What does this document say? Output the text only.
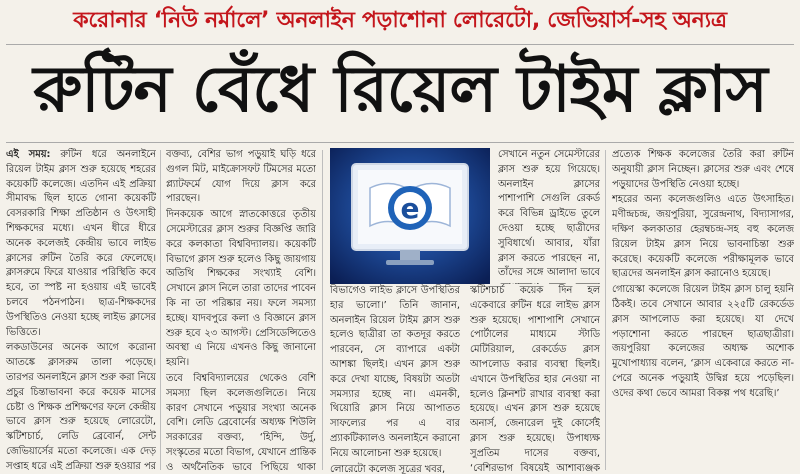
করোনার ‘নিউ নর্মালে’ অনলাইন পড়াশোনা লোরেটো, জেভিয়ার্স-সহ অন্যত্র
রুটিন বেঁধে রিয়েল টাইম ক্লাস

এই সময়: রুটিন ধরে অনলাইনে রিয়েল টাইম ক্লাস শুরু হয়েছে শহরের কয়েকটি কলেজে। এতদিন এই প্রক্রিয়া সীমাবদ্ধ ছিল হাতে গোনা কয়েকটি বেসরকারি শিক্ষা প্রতিষ্ঠান ও উৎসাহী শিক্ষকদের মধ্যে। এখন ধীরে ধীরে অনেক কলেজই কেন্দ্রীয় ভাবে লাইভ ক্লাসের রুটিন তৈরি করে ফেলেছে। ক্লাসরুমে ফিরে যাওয়ার পরিস্থিতি কবে হবে, তা স্পষ্ট না হওয়ায় এই ভাবেই চলবে পঠনপাঠন। ছাত্র-শিক্ষকদের উপস্থিতিও নেওয়া হচ্ছে লাইভ ক্লাসের ভিত্তিতে।

লকডাউনের অনেক আগে করোনা আতঙ্কে ক্লাসরুম তালা পড়েছে। তারপর অনলাইনে ক্লাস শুরু করা নিয়ে প্রচুর চিন্তাভাবনা করে কয়েক মাসের চেষ্টা ও শিক্ষক প্রশিক্ষণের ফলে কেন্দ্রীয় ভাবে ক্লাস শুরু হয়েছে লোরেটো, স্কটিশচার্চ, লেডি ব্রেবোর্ন, সেন্ট জেভিয়ার্সের মতো কলেজে। এক দেড় সপ্তাহ ধরে এই প্রক্রিয়া শুরু হওয়ার পর

বক্তব্য, বেশির ভাগ পড়ুয়াই ঘড়ি ধরে গুগল মিট, মাইক্রোসফট টিমসের মতো প্ল্যাটফর্মে যোগ দিয়ে ক্লাস করে পারছেন।

দিনকয়েক আগে স্নাতকোত্তরে তৃতীয় সেমেস্টারের ক্লাস শুরুর বিজ্ঞপ্তি জারি করে কলকাতা বিশ্ববিদ্যালয়। কয়েকটি বিভাগে ক্লাস শুরু হলেও কিছু জায়গায় অতিথি শিক্ষকের সংখ্যাই বেশি। সেখানে ক্লাস নিলে তারা তাদের পাবেন কি না তা পরিষ্কার নয়। ফলে সমস্যা হচ্ছে। যাদবপুরে কলা ও বিজ্ঞানে ক্লাস শুরু হবে ২৩ আগস্ট। প্রেসিডেন্সিতেও অবস্থা এ নিয়ে এখনও কিছু জানানো হয়নি।

তবে বিশ্ববিদ্যালয়ের থেকেও বেশি সমস্যা ছিল কলেজগুলিতে। নিয়ে কারণ সেখানে পড়ুয়ার সংখ্যা অনেক বেশি। লেডি ব্রেবোর্নের অধ্যক্ষ শিউলি সরকারের বক্তব্য, ‘হিন্দি, উর্দু, সংস্কৃতের মতো বিভাগ, যেখানে প্রান্তিক ও অর্থনৈতিক ভাবে পিছিয়ে থাকা

e

সেখানে নতুন সেমেস্টারের ক্লাস শুরু হয়ে গিয়েছে। অনলাইন ক্লাসের পাশাপাশি সেগুলি রেকর্ড করে বিভিন্ন ড্রাইভে তুলে দেওয়া হচ্ছে ছাত্রীদের সুবিধার্থে। আবার, যাঁরা ক্লাস করতে পারছেন না, তাঁদের সঙ্গে আলাদা ভাবে

বিভাগেও লাইভ ক্লাসে উপস্থিতির হার ভালো।’ তিনি জানান, অনলাইন রিয়েল টাইম ক্লাস শুরু হলেও ছাত্রীরা তা কতদূর করতে পারবেন, সে ব্যাপারে একটা আশঙ্কা ছিলই। এখন ক্লাস শুরু করে দেখা যাচ্ছে, বিষয়টা অতটা সমস্যার হচ্ছে না। এমনকী, থিয়োরি ক্লাস নিয়ে আপাতত সাফল্যের পর এ বার প্র্যাকটিক্যালও অনলাইনে করানো নিয়ে আলোচনা শুরু হয়েছে।

লোরেটো কলেজ সূত্রের খবর,

স্কটিশচার্চ কয়েক দিন হল একেবারে রুটিন ধরে লাইভ ক্লাস শুরু হয়েছে। পাশাপাশি সেখানে পোর্টালের মাধ্যমে স্টাডি মেটিরিয়াল, রেকর্ডেড ক্লাস আপলোড করার ব্যবস্থা ছিলই। এখানে উপস্থিতির হার নেওয়া না হলেও ক্লিনশট রাখার ব্যবস্থা করা হয়েছে। এখন ক্লাস শুরু হয়েছে অনার্স, জেনারেল দুই কোর্সেই ক্লাস শুরু হয়েছে। উপাধ্যক্ষ সুপ্রতিম দাসের বক্তব্য, ‘বেশিরভাগ বিষয়েই আশাব্যঞ্জক

প্রত্যেক শিক্ষক কলেজের তৈরি করা রুটিন অনুযায়ী ক্লাস নিচ্ছেন। ক্লাসের শুরু এবং শেষে পড়ুয়াদের উপস্থিতি নেওয়া হচ্ছে।

শহরের অন্য কলেজগুলিও এতে উৎসাহিত। মণীন্দ্রচন্দ্র, জয়পুরিয়া, সুরেন্দ্রনাথ, বিদ্যাসাগর, দক্ষিণ কলকাতার হেরম্বচন্দ্র-সহ বহু কলেজ রিয়েল টাইম ক্লাস নিয়ে ভাবনাচিন্তা শুরু করেছে। কয়েকটি কলেজে পরীক্ষামূলক ভাবে ছাত্রদের অনলাইন ক্লাস করানোও হয়েছে।

গোয়েস্কা কলেজে রিয়েল টাইম ক্লাস চালু হয়নি ঠিকই। তবে সেখানে আবার ২২৫টি রেকর্ডেড ক্লাস আপলোড করা হয়েছে। যা দেখে পড়াশোনা করতে পারছেন ছাত্রছাত্রীরা। জয়পুরিয়া কলেজের অধ্যক্ষ অশোক মুখোপাধ্যায় বলেন, ‘ক্লাস একেবারে করতে না-পেরে অনেক পড়ুয়াই উদ্বিগ্ন হয়ে পড়েছিল। ওদের কথা ভেবে আমরা বিকল্প পথ ধরেছি।’
